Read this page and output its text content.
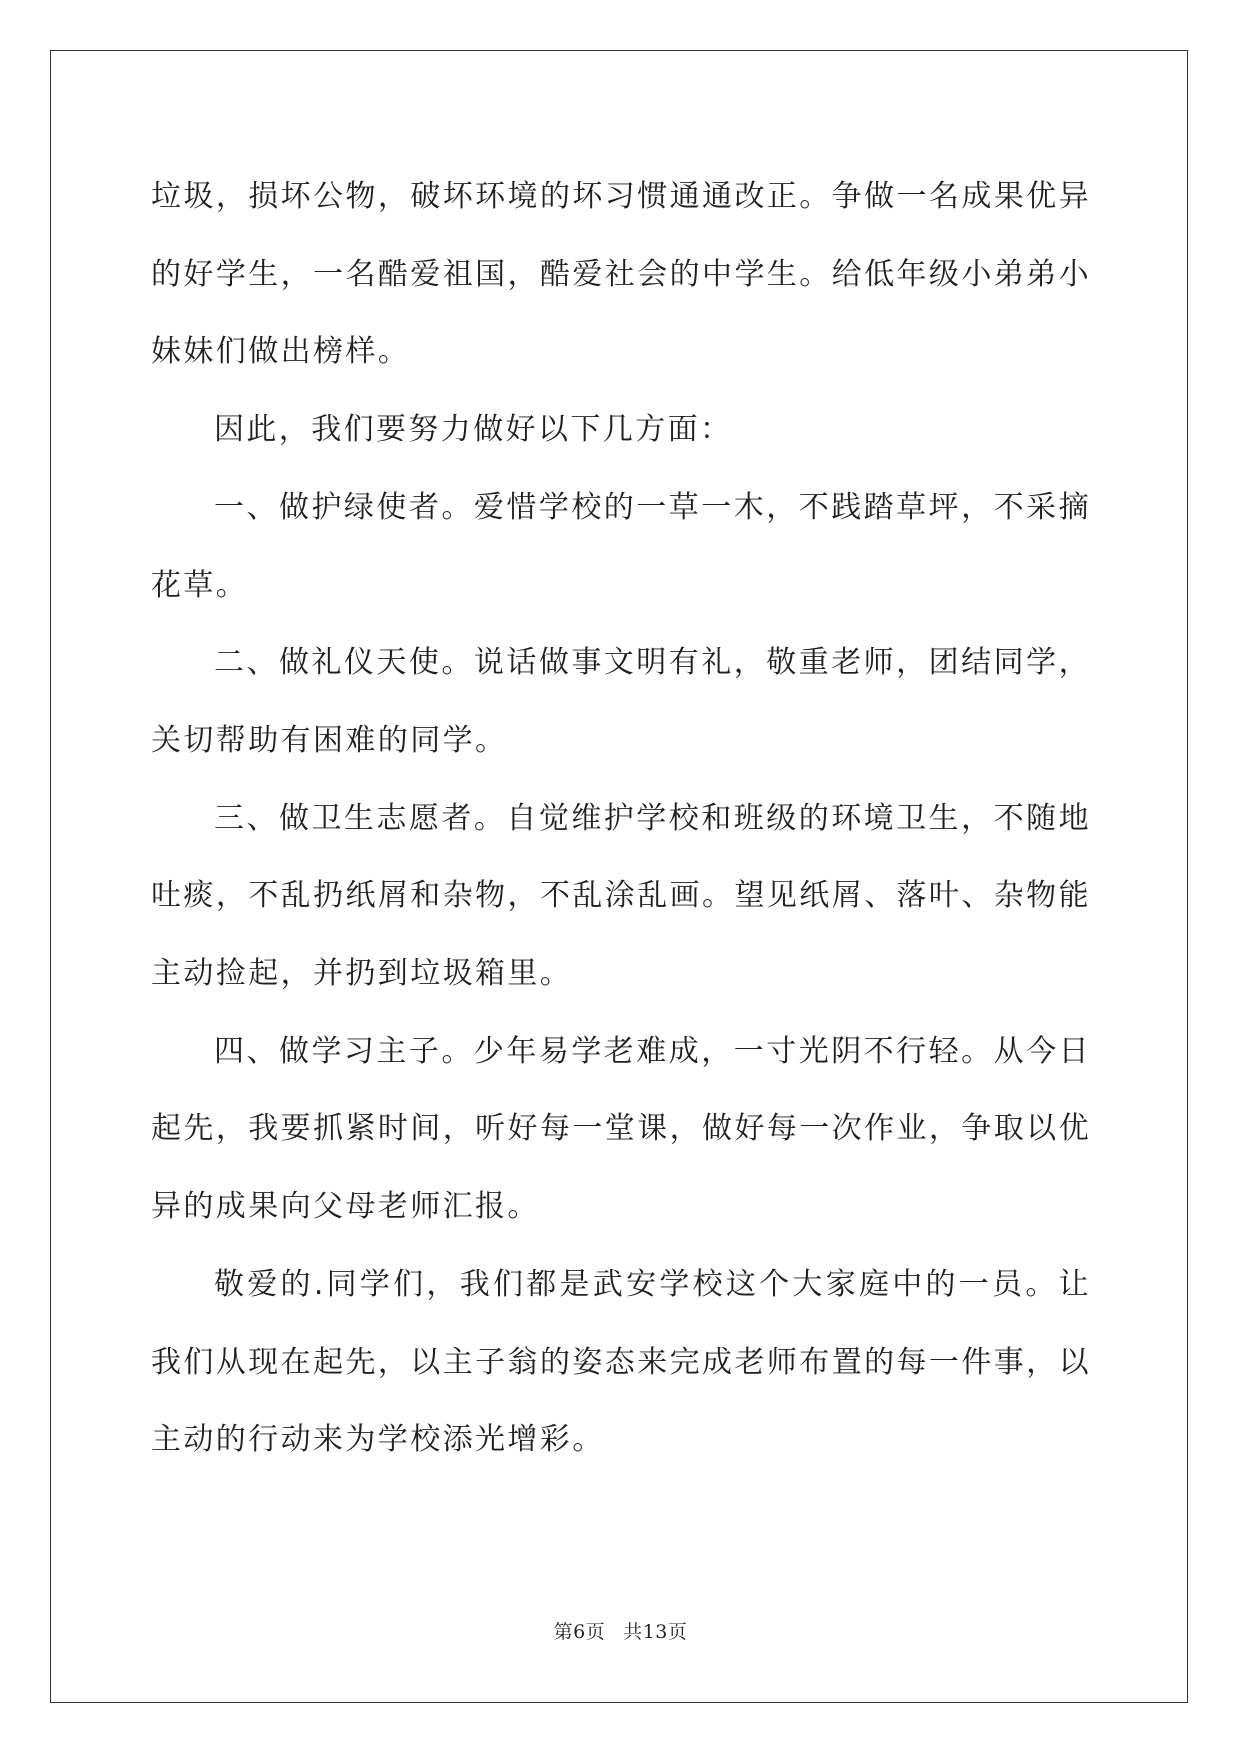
垃圾，损坏公物，破坏环境的坏习惯通通改正。争做一名成果优异的好学生，一名酷爱祖国，酷爱社会的中学生。给低年级小弟弟小妹妹们做出榜样。

因此，我们要努力做好以下几方面：

一、做护绿使者。爱惜学校的一草一木，不践踏草坪，不采摘花草。

二、做礼仪天使。说话做事文明有礼，敬重老师，团结同学，关切帮助有困难的同学。

三、做卫生志愿者。自觉维护学校和班级的环境卫生，不随地吐痰，不乱扔纸屑和杂物，不乱涂乱画。望见纸屑、落叶、杂物能主动捡起，并扔到垃圾箱里。

四、做学习主子。少年易学老难成，一寸光阴不行轻。从今日起先，我要抓紧时间，听好每一堂课，做好每一次作业，争取以优异的成果向父母老师汇报。

敬爱的.同学们，我们都是武安学校这个大家庭中的一员。让我们从现在起先，以主子翁的姿态来完成老师布置的每一件事，以主动的行动来为学校添光增彩。

第6页 共13页
